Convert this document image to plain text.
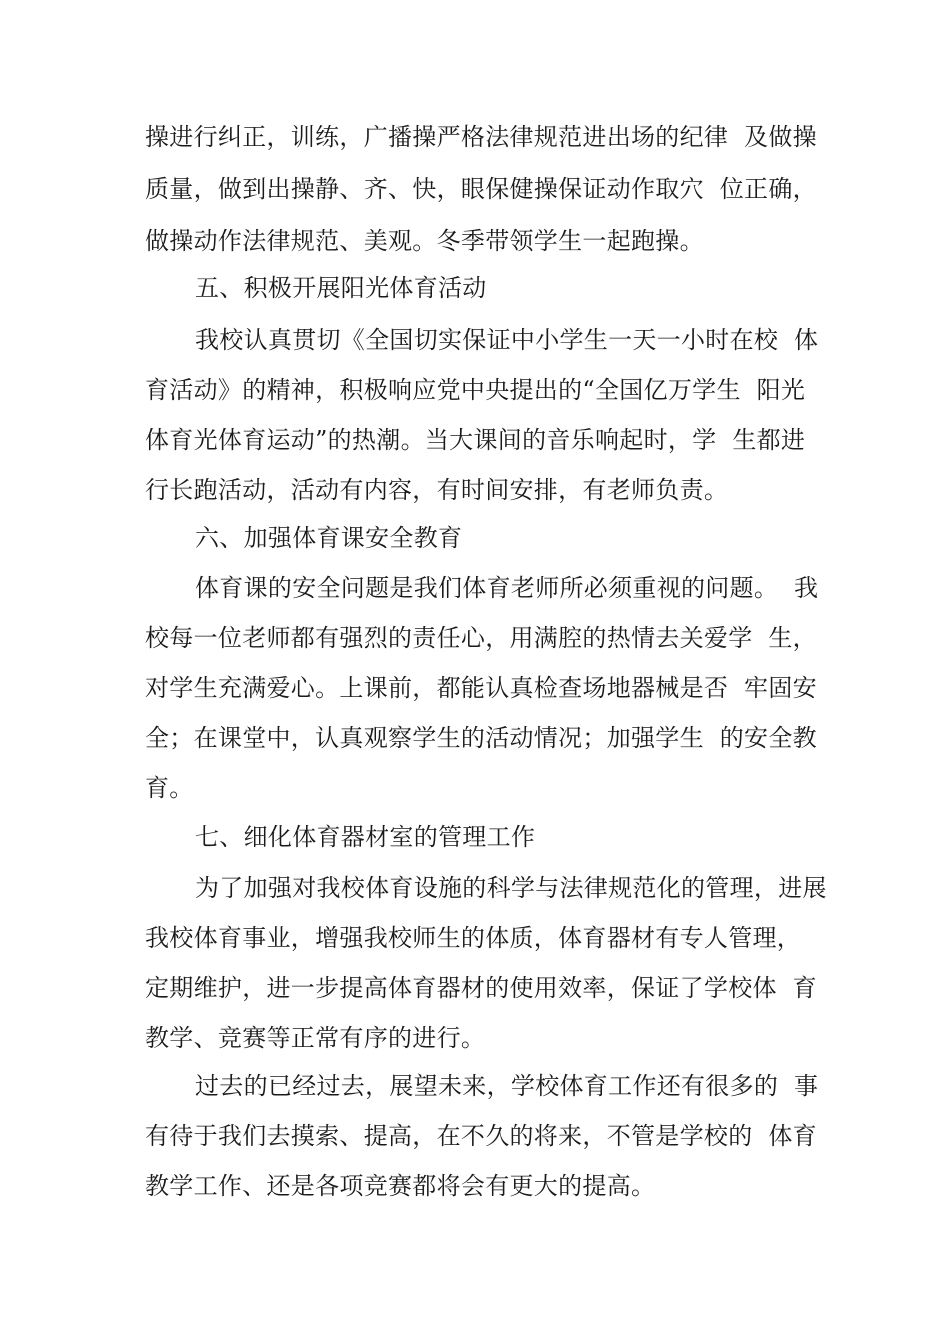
操进行纠正，训练，广播操严格法律规范进出场的纪律  及做操
质量，做到出操静、齐、快，眼保健操保证动作取穴  位正确，
做操动作法律规范、美观。冬季带领学生一起跑操。
五、积极开展阳光体育活动
我校认真贯切《全国切实保证中小学生一天一小时在校  体
育活动》的精神，积极响应党中央提出的“全国亿万学生  阳光
体育光体育运动”的热潮。当大课间的音乐响起时，学  生都进
行长跑活动，活动有内容，有时间安排，有老师负责。
六、加强体育课安全教育
体育课的安全问题是我们体育老师所必须重视的问题。  我
校每一位老师都有强烈的责任心，用满腔的热情去关爱学  生，
对学生充满爱心。上课前，都能认真检查场地器械是否  牢固安
全；在课堂中，认真观察学生的活动情况；加强学生  的安全教
育。
七、细化体育器材室的管理工作
为了加强对我校体育设施的科学与法律规范化的管理，进展
我校体育事业，增强我校师生的体质，体育器材有专人管理，
定期维护，进一步提高体育器材的使用效率，保证了学校体  育
教学、竞赛等正常有序的进行。
过去的已经过去，展望未来，学校体育工作还有很多的  事
有待于我们去摸索、提高，在不久的将来，不管是学校的  体育
教学工作、还是各项竞赛都将会有更大的提高。
